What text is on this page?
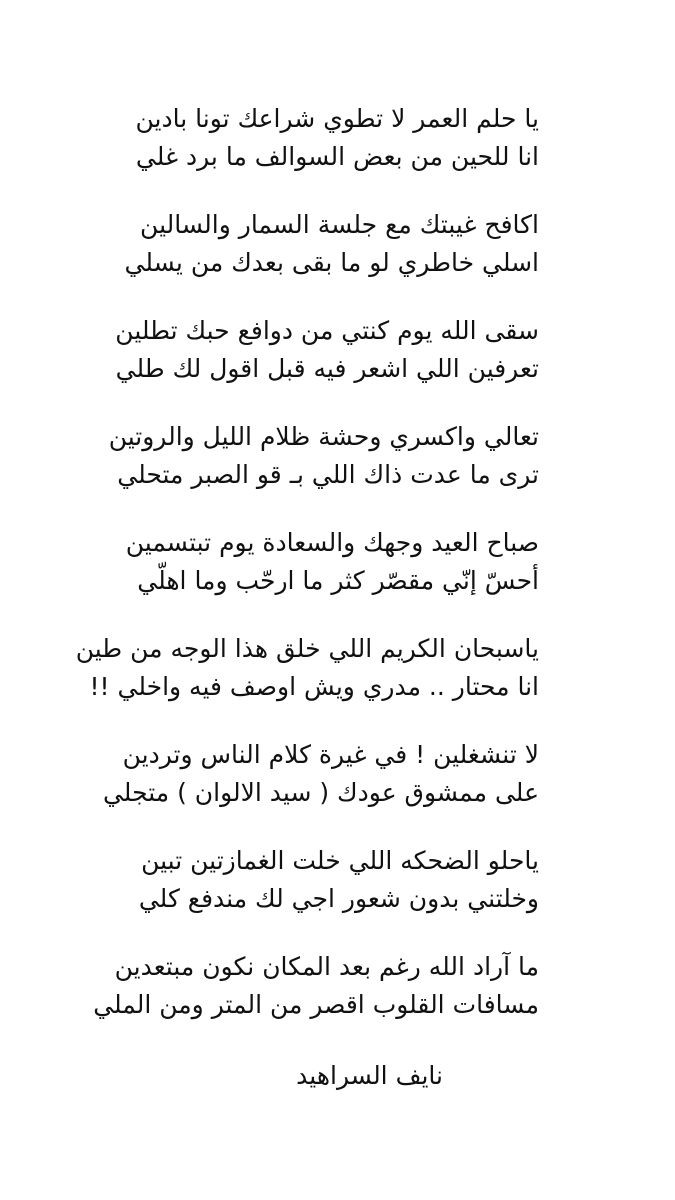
يا حلم العمر لا تطوي شراعك تونا بادين
انا للحين من بعض السوالف ما برد غلي
اكافح غيبتك مع جلسة السمار والسالين
اسلي خاطري لو ما بقى بعدك من يسلي
سقى الله يوم كنتي من دوافع حبك تطلين
تعرفين اللي اشعر فيه قبل اقول لك طلي
تعالي واكسري وحشة ظلام الليل والروتين
ترى ما عدت ذاك اللي بـ قو الصبر متحلي
صباح العيد وجهك والسعادة يوم تبتسمين
أحسّ إنّي مقصّر كثر ما ارحّب وما اهلّي
ياسبحان الكريم اللي خلق هذا الوجه من طين
انا محتار .. مدري ويش اوصف فيه واخلي !!
لا تنشغلين ! في غيرة كلام الناس وتردين
على ممشوق عودك ( سيد الالوان ) متجلي
ياحلو الضحكه اللي خلت الغمازتين تبين
وخلتني بدون شعور اجي لك مندفع كلي
ما آراد الله رغم بعد المكان نكون مبتعدين
مسافات القلوب اقصر من المتر ومن الملي
نايف السراهيد
